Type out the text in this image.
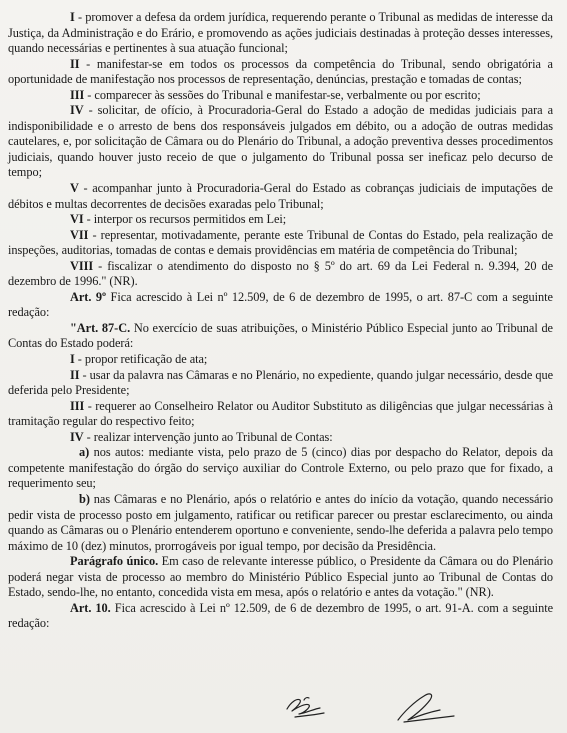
I - promover a defesa da ordem jurídica, requerendo perante o Tribunal as medidas de interesse da Justiça, da Administração e do Erário, e promovendo as ações judiciais destinadas à proteção desses interesses, quando necessárias e pertinentes à sua atuação funcional;

II - manifestar-se em todos os processos da competência do Tribunal, sendo obrigatória a oportunidade de manifestação nos processos de representação, denúncias, prestação e tomadas de contas;

III - comparecer às sessões do Tribunal e manifestar-se, verbalmente ou por escrito;

IV - solicitar, de ofício, à Procuradoria-Geral do Estado a adoção de medidas judiciais para a indisponibilidade e o arresto de bens dos responsáveis julgados em débito, ou a adoção de outras medidas cautelares, e, por solicitação de Câmara ou do Plenário do Tribunal, a adoção preventiva desses procedimentos judiciais, quando houver justo receio de que o julgamento do Tribunal possa ser ineficaz pelo decurso de tempo;

V - acompanhar junto à Procuradoria-Geral do Estado as cobranças judiciais de imputações de débitos e multas decorrentes de decisões exaradas pelo Tribunal;

VI - interpor os recursos permitidos em Lei;

VII - representar, motivadamente, perante este Tribunal de Contas do Estado, pela realização de inspeções, auditorias, tomadas de contas e demais providências em matéria de competência do Tribunal;

VIII - fiscalizar o atendimento do disposto no § 5º do art. 69 da Lei Federal n. 9.394, 20 de dezembro de 1996." (NR).

Art. 9º Fica acrescido à Lei nº 12.509, de 6 de dezembro de 1995, o art. 87-C com a seguinte redação:

"Art. 87-C. No exercício de suas atribuições, o Ministério Público Especial junto ao Tribunal de Contas do Estado poderá:

I - propor retificação de ata;

II - usar da palavra nas Câmaras e no Plenário, no expediente, quando julgar necessário, desde que deferida pelo Presidente;

III - requerer ao Conselheiro Relator ou Auditor Substituto as diligências que julgar necessárias à tramitação regular do respectivo feito;

IV - realizar intervenção junto ao Tribunal de Contas:

a) nos autos: mediante vista, pelo prazo de 5 (cinco) dias por despacho do Relator, depois da competente manifestação do órgão do serviço auxiliar do Controle Externo, ou pelo prazo que for fixado, a requerimento seu;

b) nas Câmaras e no Plenário, após o relatório e antes do início da votação, quando necessário pedir vista de processo posto em julgamento, ratificar ou retificar parecer ou prestar esclarecimento, ou ainda quando as Câmaras ou o Plenário entenderem oportuno e conveniente, sendo-lhe deferida a palavra pelo tempo máximo de 10 (dez) minutos, prorrogáveis por igual tempo, por decisão da Presidência.

Parágrafo único. Em caso de relevante interesse público, o Presidente da Câmara ou do Plenário poderá negar vista de processo ao membro do Ministério Público Especial junto ao Tribunal de Contas do Estado, sendo-lhe, no entanto, concedida vista em mesa, após o relatório e antes da votação." (NR).

Art. 10. Fica acrescido à Lei nº 12.509, de 6 de dezembro de 1995, o art. 91-A. com a seguinte redação:
